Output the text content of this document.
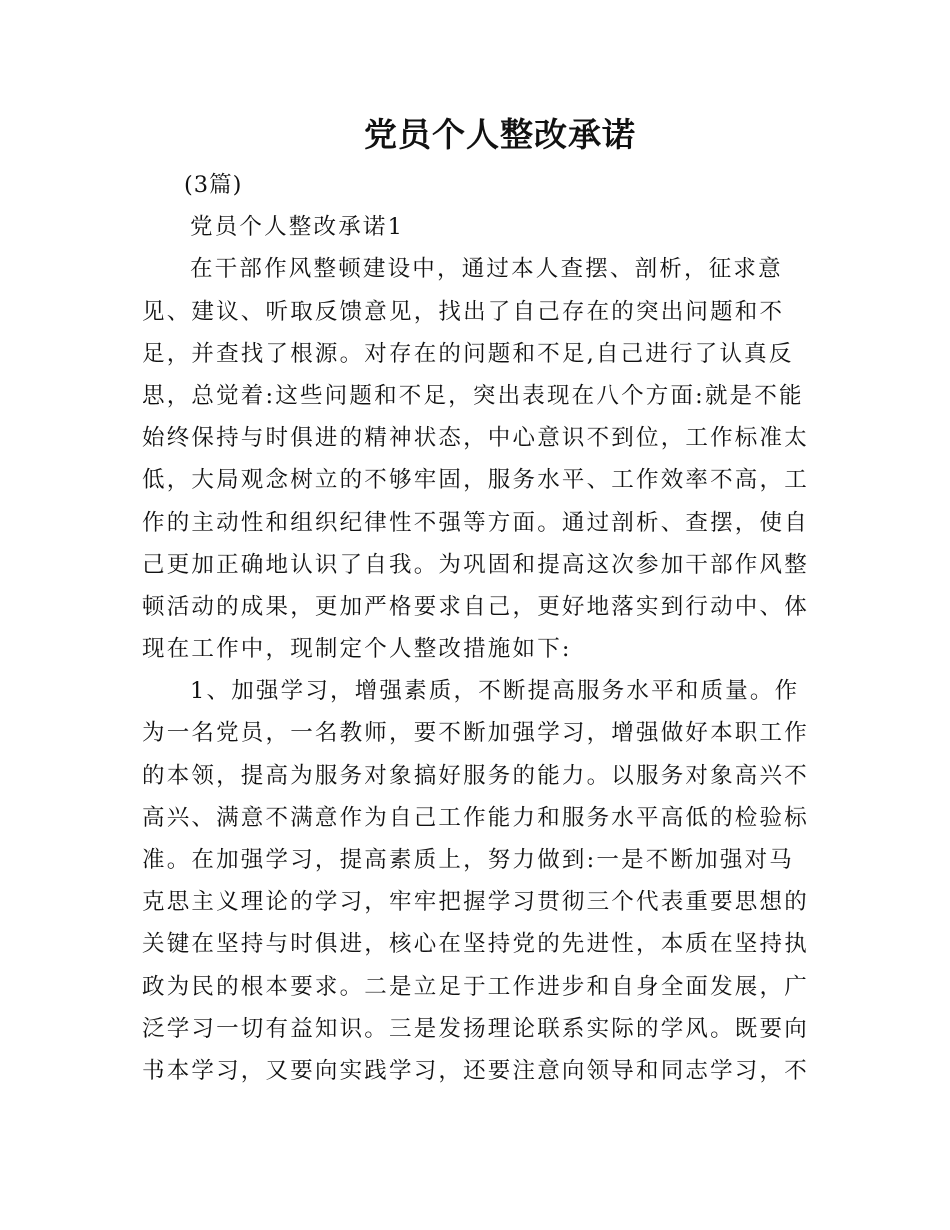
党员个人整改承诺

(3篇)

党员个人整改承诺1

在干部作风整顿建设中，通过本人查摆、剖析，征求意

见、建议、听取反馈意见，找出了自己存在的突出问题和不

足，并查找了根源。对存在的问题和不足,自己进行了认真反

思，总觉着:这些问题和不足，突出表现在八个方面:就是不能

始终保持与时俱进的精神状态，中心意识不到位，工作标准太

低，大局观念树立的不够牢固，服务水平、工作效率不高，工

作的主动性和组织纪律性不强等方面。通过剖析、查摆，使自

己更加正确地认识了自我。为巩固和提高这次参加干部作风整

顿活动的成果，更加严格要求自己，更好地落实到行动中、体

现在工作中，现制定个人整改措施如下:

1、加强学习，增强素质，不断提高服务水平和质量。作

为一名党员，一名教师，要不断加强学习，增强做好本职工作

的本领，提高为服务对象搞好服务的能力。以服务对象高兴不

高兴、满意不满意作为自己工作能力和服务水平高低的检验标

准。在加强学习，提高素质上，努力做到:一是不断加强对马

克思主义理论的学习，牢牢把握学习贯彻三个代表重要思想的

关键在坚持与时俱进，核心在坚持党的先进性，本质在坚持执

政为民的根本要求。二是立足于工作进步和自身全面发展，广

泛学习一切有益知识。三是发扬理论联系实际的学风。既要向

书本学习，又要向实践学习，还要注意向领导和同志学习，不
